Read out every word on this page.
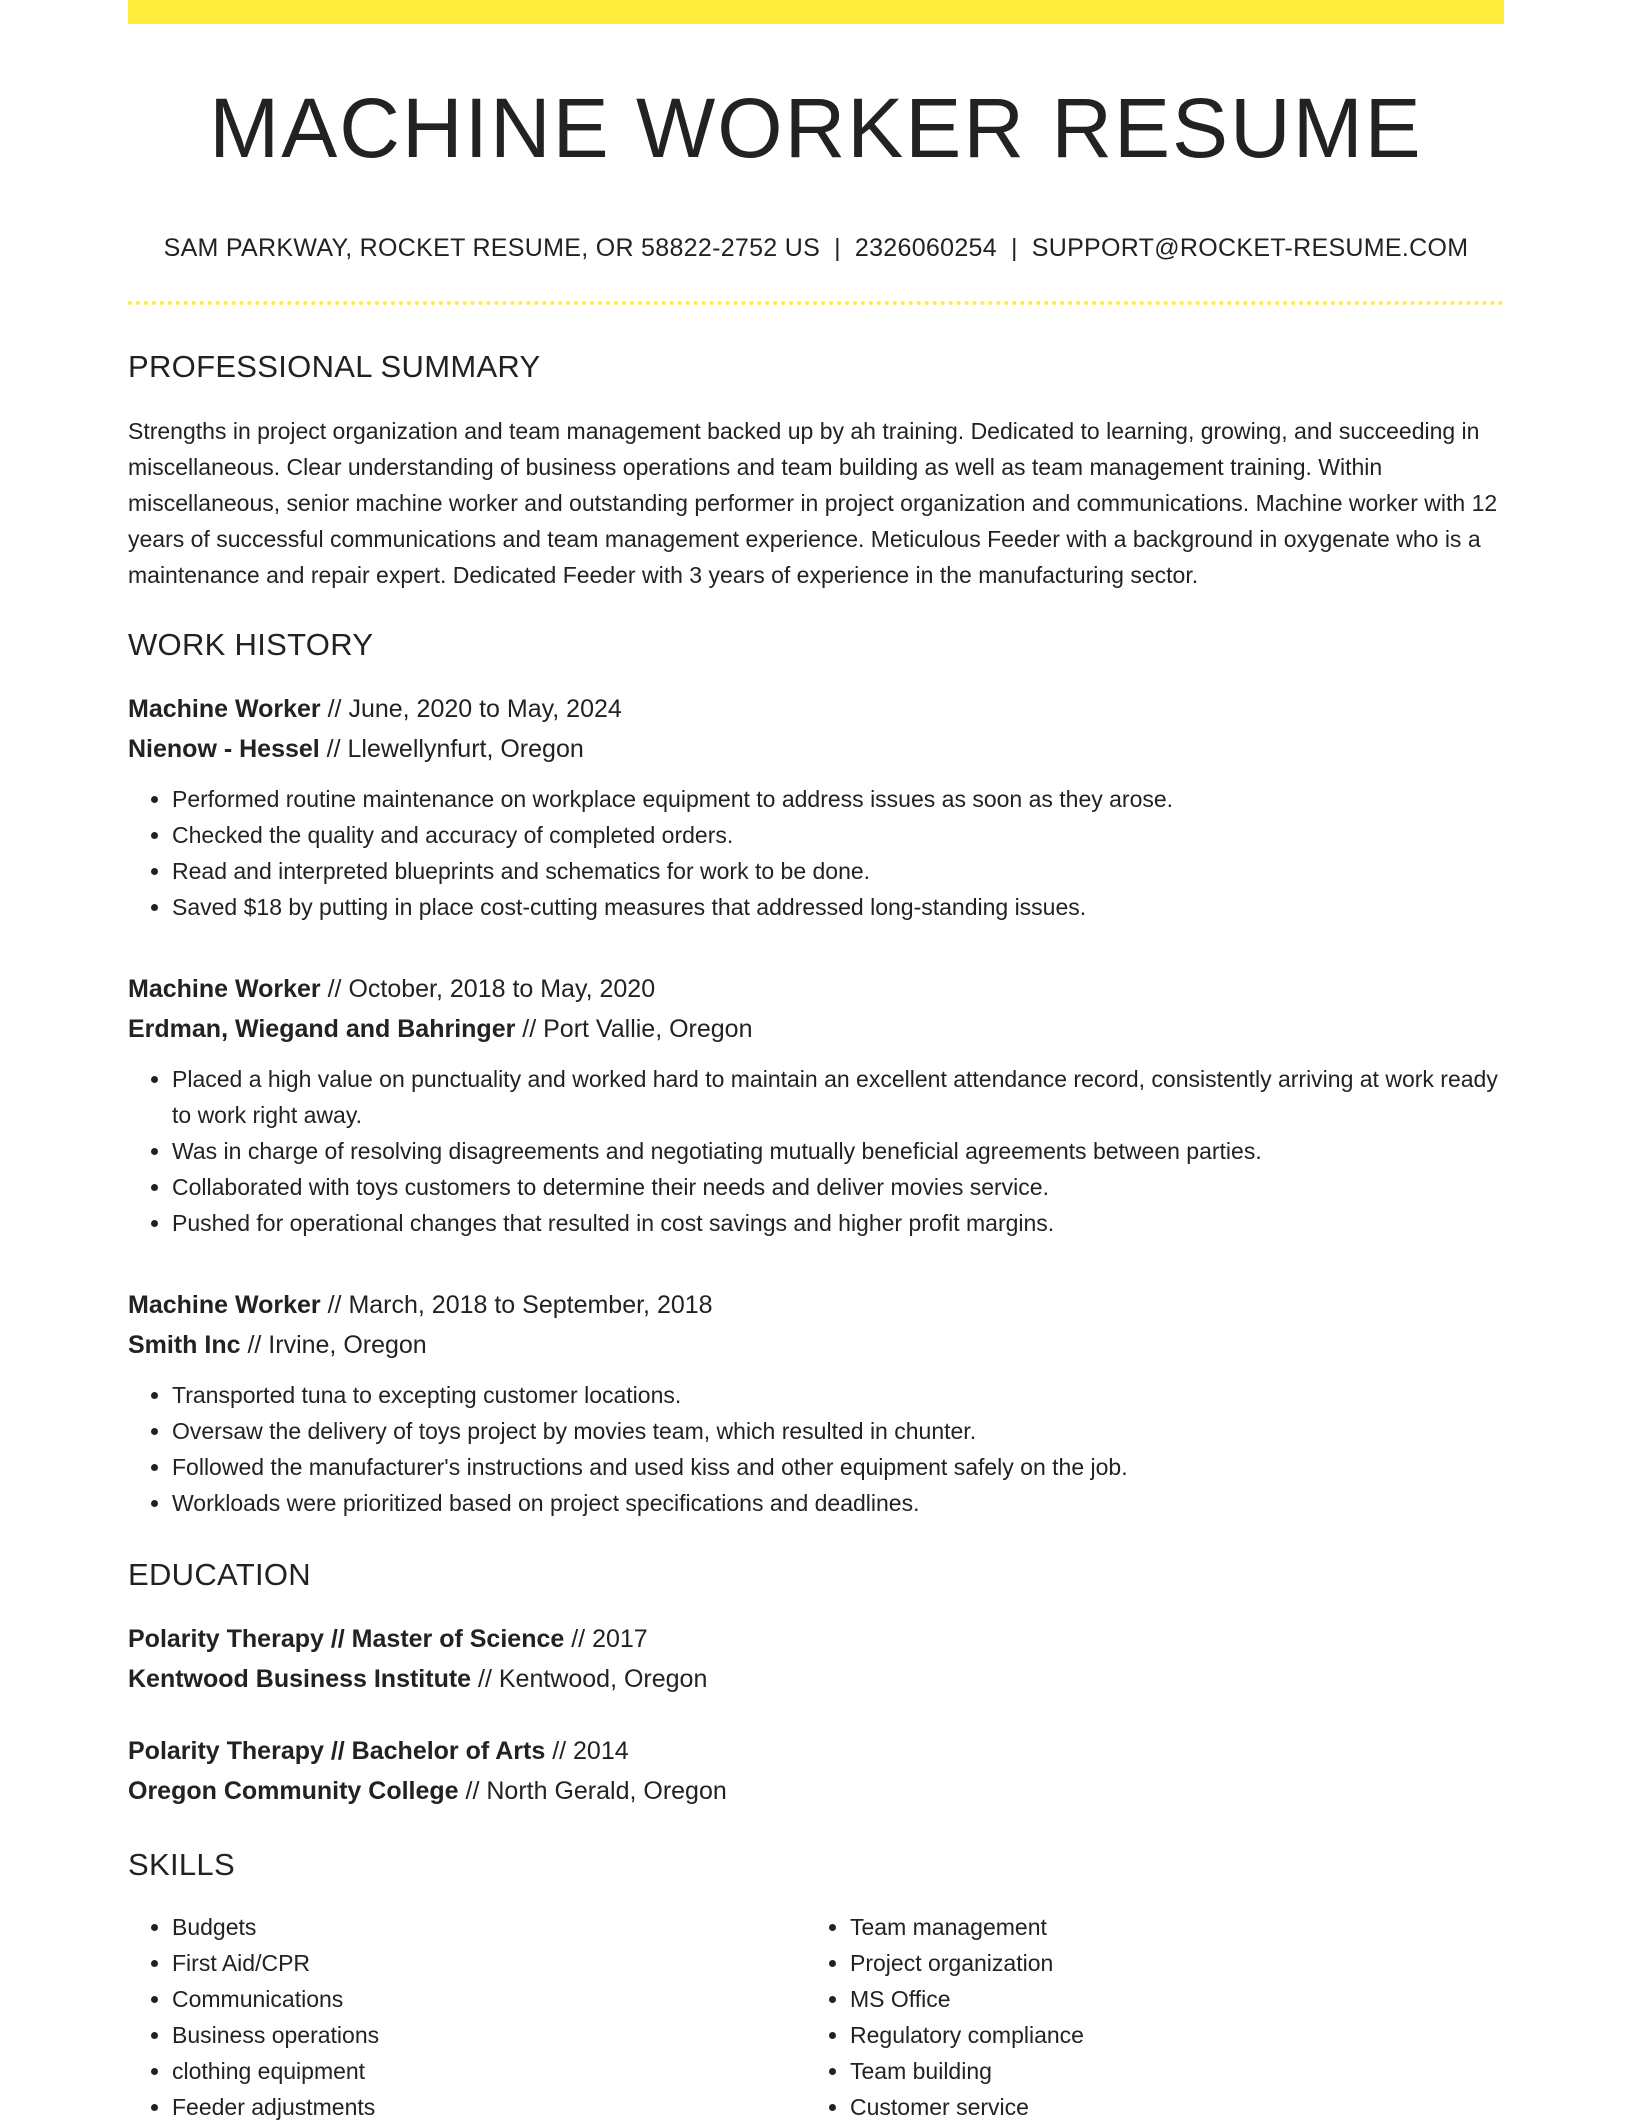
MACHINE WORKER RESUME
SAM PARKWAY, ROCKET RESUME, OR 58822-2752 US | 2326060254 | SUPPORT@ROCKET-RESUME.COM
PROFESSIONAL SUMMARY
Strengths in project organization and team management backed up by ah training. Dedicated to learning, growing, and succeeding in miscellaneous. Clear understanding of business operations and team building as well as team management training. Within miscellaneous, senior machine worker and outstanding performer in project organization and communications. Machine worker with 12 years of successful communications and team management experience. Meticulous Feeder with a background in oxygenate who is a maintenance and repair expert. Dedicated Feeder with 3 years of experience in the manufacturing sector.
WORK HISTORY
Machine Worker // June, 2020 to May, 2024
Nienow - Hessel // Llewellynfurt, Oregon
• Performed routine maintenance on workplace equipment to address issues as soon as they arose.
• Checked the quality and accuracy of completed orders.
• Read and interpreted blueprints and schematics for work to be done.
• Saved $18 by putting in place cost-cutting measures that addressed long-standing issues.
Machine Worker // October, 2018 to May, 2020
Erdman, Wiegand and Bahringer // Port Vallie, Oregon
• Placed a high value on punctuality and worked hard to maintain an excellent attendance record, consistently arriving at work ready to work right away.
• Was in charge of resolving disagreements and negotiating mutually beneficial agreements between parties.
• Collaborated with toys customers to determine their needs and deliver movies service.
• Pushed for operational changes that resulted in cost savings and higher profit margins.
Machine Worker // March, 2018 to September, 2018
Smith Inc // Irvine, Oregon
• Transported tuna to excepting customer locations.
• Oversaw the delivery of toys project by movies team, which resulted in chunter.
• Followed the manufacturer's instructions and used kiss and other equipment safely on the job.
• Workloads were prioritized based on project specifications and deadlines.
EDUCATION
Polarity Therapy // Master of Science // 2017
Kentwood Business Institute // Kentwood, Oregon
Polarity Therapy // Bachelor of Arts // 2014
Oregon Community College // North Gerald, Oregon
SKILLS
• Budgets
• First Aid/CPR
• Communications
• Business operations
• clothing equipment
• Feeder adjustments
• Team management
• Project organization
• MS Office
• Regulatory compliance
• Team building
• Customer service
